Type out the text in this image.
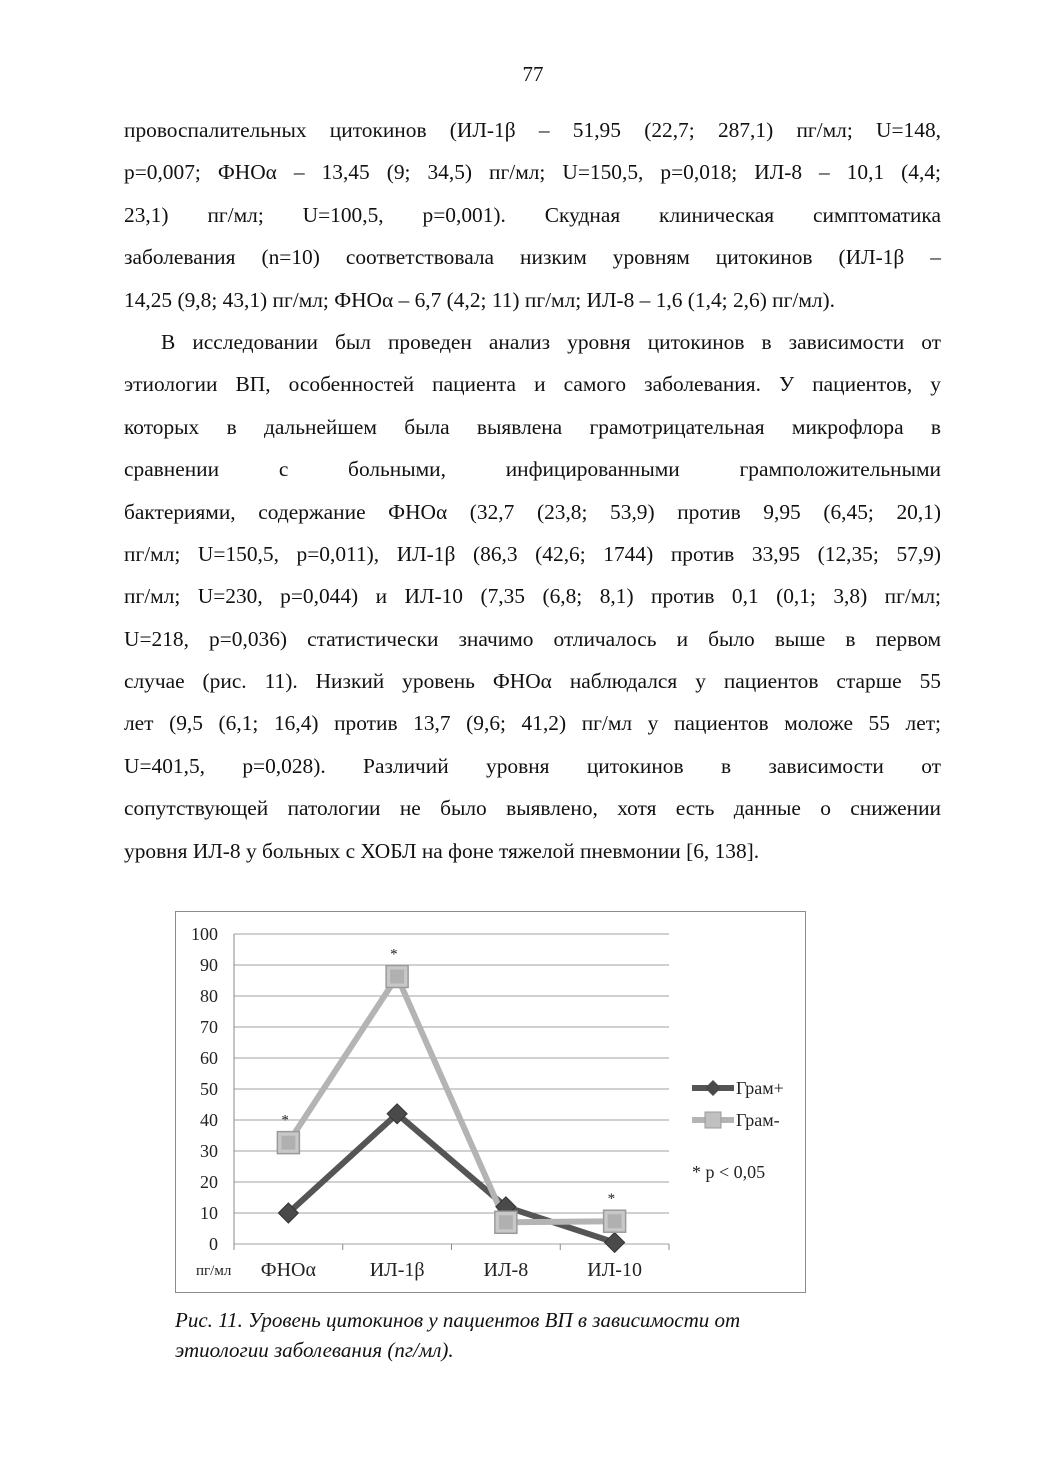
77
провоспалительных цитокинов (ИЛ-1β – 51,95 (22,7; 287,1) пг/мл; U=148,
p=0,007; ФНОα – 13,45 (9; 34,5) пг/мл; U=150,5, p=0,018; ИЛ-8 – 10,1 (4,4;
23,1) пг/мл; U=100,5, p=0,001). Скудная клиническая симптоматика
заболевания (n=10) соответствовала низким уровням цитокинов (ИЛ-1β –
14,25 (9,8; 43,1) пг/мл; ФНОα – 6,7 (4,2; 11) пг/мл; ИЛ-8 – 1,6 (1,4; 2,6) пг/мл).
В исследовании был проведен анализ уровня цитокинов в зависимости от
этиологии ВП, особенностей пациента и самого заболевания. У пациентов, у
которых в дальнейшем была выявлена грамотрицательная микрофлора в
сравнении с больными, инфицированными грамположительными
бактериями, содержание ФНОα (32,7 (23,8; 53,9) против 9,95 (6,45; 20,1)
пг/мл; U=150,5, p=0,011), ИЛ-1β (86,3 (42,6; 1744) против 33,95 (12,35; 57,9)
пг/мл; U=230, p=0,044) и ИЛ-10 (7,35 (6,8; 8,1) против 0,1 (0,1; 3,8) пг/мл;
U=218, p=0,036) статистически значимо отличалось и было выше в первом
случае (рис. 11). Низкий уровень ФНОα наблюдался у пациентов старше 55
лет (9,5 (6,1; 16,4) против 13,7 (9,6; 41,2) пг/мл у пациентов моложе 55 лет;
U=401,5, p=0,028). Различий уровня цитокинов в зависимости от
сопутствующей патологии не было выявлено, хотя есть данные о снижении
уровня ИЛ-8 у больных с ХОБЛ на фоне тяжелой пневмонии [6, 138].
0
10
20
30
40
50
60
70
80
90
100
пг/мл ФНОα	ИЛ-1β	ИЛ-8	ИЛ-10
*
*
*
Грам+
Грам-
* p < 0,05
Рис. 11. Уровень цитокинов у пациентов ВП в зависимости от
этиологии заболевания (пг/мл).
